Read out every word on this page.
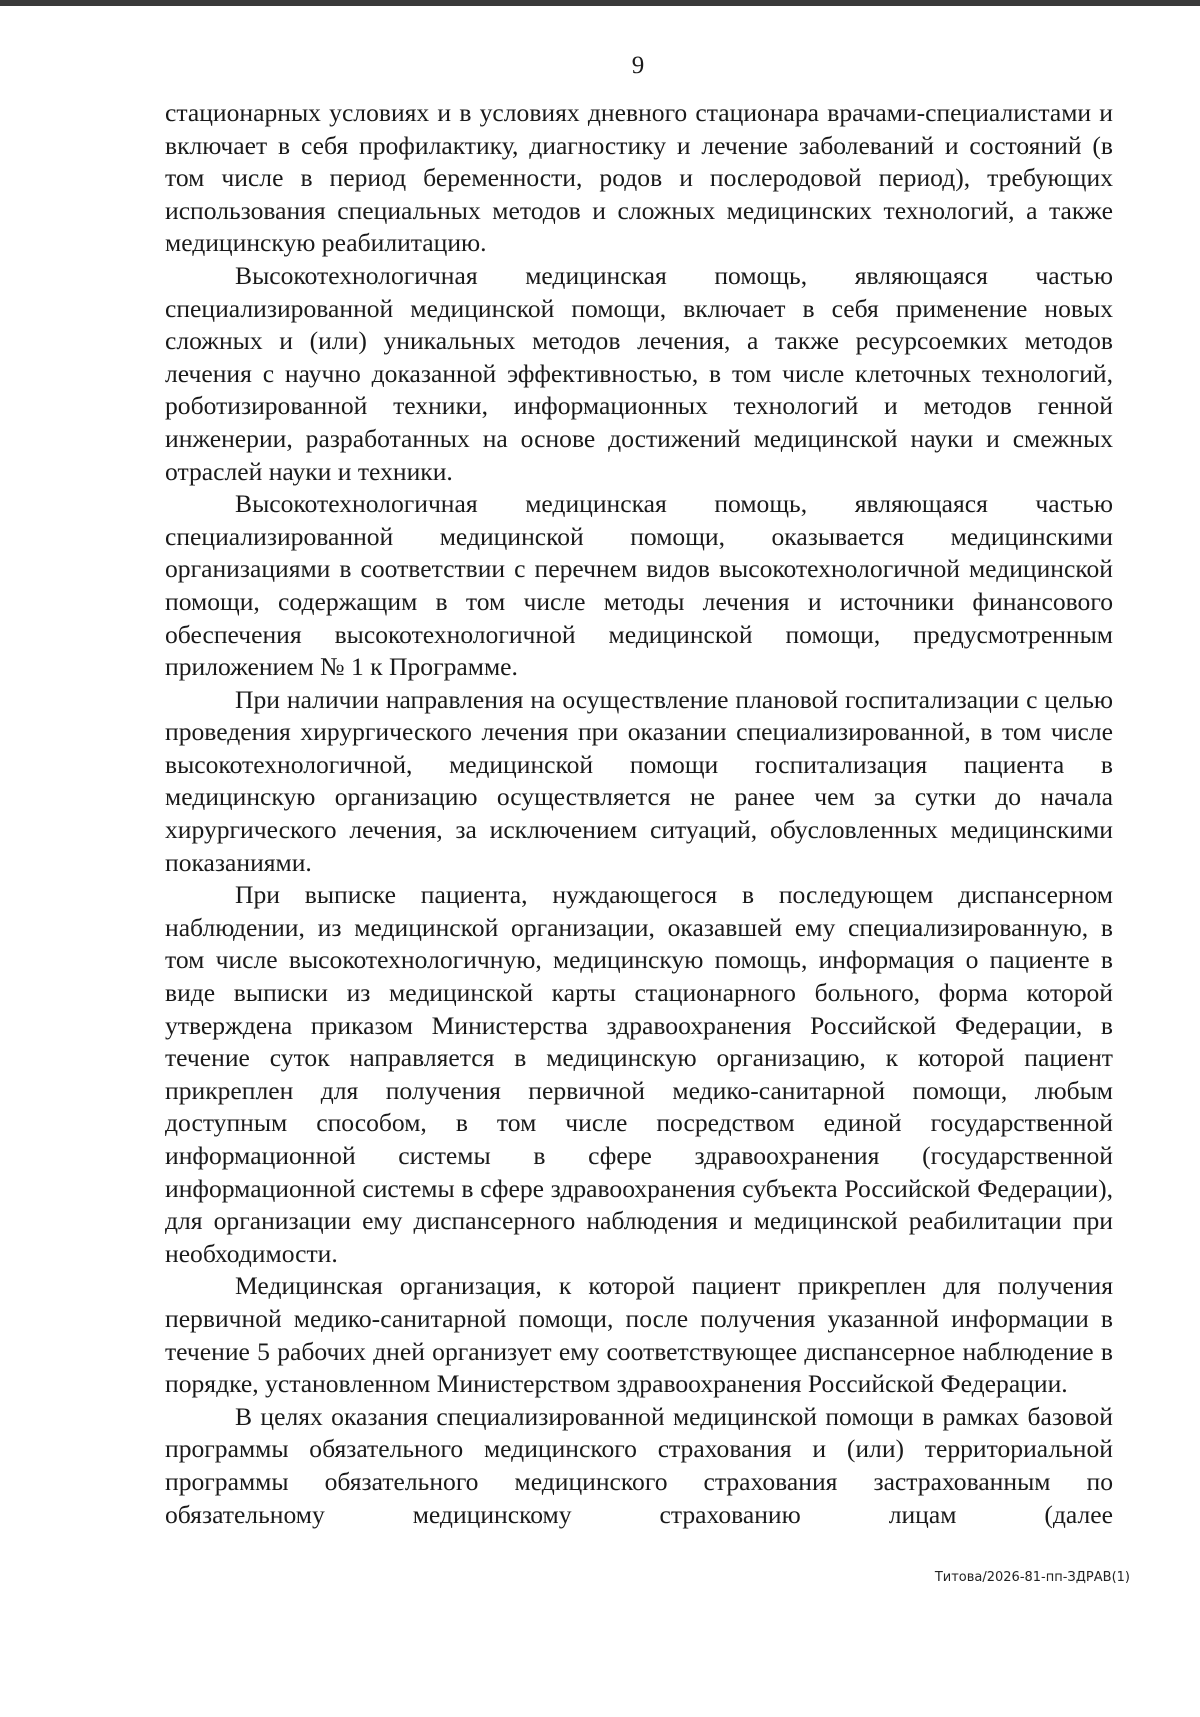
9

стационарных условиях и в условиях дневного стационара врачами-специалистами и включает в себя профилактику, диагностику и лечение заболеваний и состояний (в том числе в период беременности, родов и послеродовой период), требующих использования специальных методов и сложных медицинских технологий, а также медицинскую реабилитацию.

Высокотехнологичная медицинская помощь, являющаяся частью специализированной медицинской помощи, включает в себя применение новых сложных и (или) уникальных методов лечения, а также ресурсоемких методов лечения с научно доказанной эффективностью, в том числе клеточных технологий, роботизированной техники, информационных технологий и методов генной инженерии, разработанных на основе достижений медицинской науки и смежных отраслей науки и техники.

Высокотехнологичная медицинская помощь, являющаяся частью специализированной медицинской помощи, оказывается медицинскими организациями в соответствии с перечнем видов высокотехнологичной медицинской помощи, содержащим в том числе методы лечения и источники финансового обеспечения высокотехнологичной медицинской помощи, предусмотренным приложением № 1 к Программе.

При наличии направления на осуществление плановой госпитализации с целью проведения хирургического лечения при оказании специализированной, в том числе высокотехнологичной, медицинской помощи госпитализация пациента в медицинскую организацию осуществляется не ранее чем за сутки до начала хирургического лечения, за исключением ситуаций, обусловленных медицинскими показаниями.

При выписке пациента, нуждающегося в последующем диспансерном наблюдении, из медицинской организации, оказавшей ему специализированную, в том числе высокотехнологичную, медицинскую помощь, информация о пациенте в виде выписки из медицинской карты стационарного больного, форма которой утверждена приказом Министерства здравоохранения Российской Федерации, в течение суток направляется в медицинскую организацию, к которой пациент прикреплен для получения первичной медико-санитарной помощи, любым доступным способом, в том числе посредством единой государственной информационной системы в сфере здравоохранения (государственной информационной системы в сфере здравоохранения субъекта Российской Федерации), для организации ему диспансерного наблюдения и медицинской реабилитации при необходимости.

Медицинская организация, к которой пациент прикреплен для получения первичной медико-санитарной помощи, после получения указанной информации в течение 5 рабочих дней организует ему соответствующее диспансерное наблюдение в порядке, установленном Министерством здравоохранения Российской Федерации.

В целях оказания специализированной медицинской помощи в рамках базовой программы обязательного медицинского страхования и (или) территориальной программы обязательного медицинского страхования застрахованным по обязательному медицинскому страхованию лицам (далее

Титова/2026-81-пп-ЗДРАВ(1)
